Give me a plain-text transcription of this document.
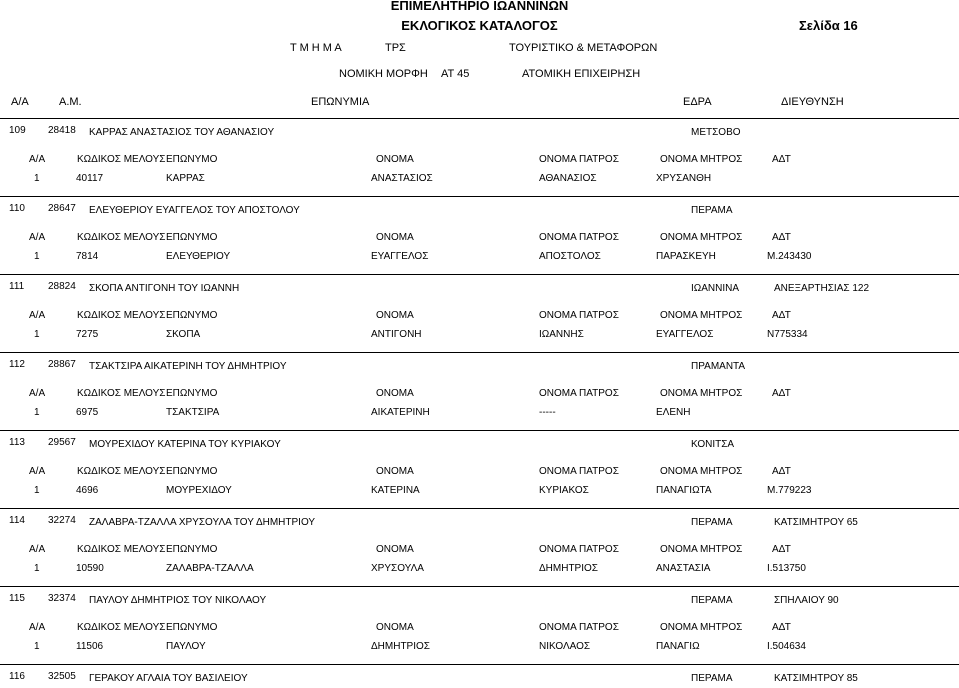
ΕΠΙΜΕΛΗΤΗΡΙΟ ΙΩΑΝΝΙΝΩΝ
ΕΚΛΟΓΙΚΟΣ ΚΑΤΑΛΟΓΟΣ	Σελίδα 16
Τ Μ Η Μ Α	ΤΡΣ	ΤΟΥΡΙΣΤΙΚΟ & ΜΕΤΑΦΟΡΩΝ
ΝΟΜΙΚΗ ΜΟΡΦΗ ΑΤ 45	ΑΤΟΜΙΚΗ ΕΠΙΧΕΙΡΗΣΗ
Α/Α	Α.Μ.	ΕΠΩΝΥΜΙΑ	ΕΔΡΑ	ΔΙΕΥΘΥΝΣΗ
109 28418 ΚΑΡΡΑΣ ΑΝΑΣΤΑΣΙΟΣ ΤΟΥ ΑΘΑΝΑΣΙΟΥ	ΜΕΤΣΟΒΟ
Α/Α	ΚΩΔΙΚΟΣ ΜΕΛΟΥΣ ΕΠΩΝΥΜΟ	ΟΝΟΜΑ	ΟΝΟΜΑ ΠΑΤΡΟΣ	ΟΝΟΜΑ ΜΗΤΡΟΣ	ΑΔΤ
1	40117	ΚΑΡΡΑΣ	ΑΝΑΣΤΑΣΙΟΣ	ΑΘΑΝΑΣΙΟΣ	ΧΡΥΣΑΝΘΗ
110 28647 ΕΛΕΥΘΕΡΙΟΥ ΕΥΑΓΓΕΛΟΣ ΤΟΥ ΑΠΟΣΤΟΛΟΥ	ΠΕΡΑΜΑ
Α/Α	ΚΩΔΙΚΟΣ ΜΕΛΟΥΣ ΕΠΩΝΥΜΟ	ΟΝΟΜΑ	ΟΝΟΜΑ ΠΑΤΡΟΣ	ΟΝΟΜΑ ΜΗΤΡΟΣ	ΑΔΤ
1	7814	ΕΛΕΥΘΕΡΙΟΥ	ΕΥΑΓΓΕΛΟΣ	ΑΠΟΣΤΟΛΟΣ	ΠΑΡΑΣΚΕΥΗ	Μ.243430
111 28824 ΣΚΟΠΑ ΑΝΤΙΓΟΝΗ ΤΟΥ ΙΩΑΝΝΗ	ΙΩΑΝΝΙΝΑ	ΑΝΕΞΑΡΤΗΣΙΑΣ 122
Α/Α	ΚΩΔΙΚΟΣ ΜΕΛΟΥΣ ΕΠΩΝΥΜΟ	ΟΝΟΜΑ	ΟΝΟΜΑ ΠΑΤΡΟΣ	ΟΝΟΜΑ ΜΗΤΡΟΣ	ΑΔΤ
1	7275	ΣΚΟΠΑ	ΑΝΤΙΓΟΝΗ	ΙΩΑΝΝΗΣ	ΕΥΑΓΓΕΛΟΣ	Ν775334
112 28867 ΤΣΑΚΤΣΙΡΑ ΑΙΚΑΤΕΡΙΝΗ ΤΟΥ ΔΗΜΗΤΡΙΟΥ	ΠΡΑΜΑΝΤΑ
Α/Α	ΚΩΔΙΚΟΣ ΜΕΛΟΥΣ ΕΠΩΝΥΜΟ	ΟΝΟΜΑ	ΟΝΟΜΑ ΠΑΤΡΟΣ	ΟΝΟΜΑ ΜΗΤΡΟΣ	ΑΔΤ
1	6975	ΤΣΑΚΤΣΙΡΑ	ΑΙΚΑΤΕΡΙΝΗ	-----	ΕΛΕΝΗ
113 29567 ΜΟΥΡΕΧΙΔΟΥ ΚΑΤΕΡΙΝΑ ΤΟΥ ΚΥΡΙΑΚΟΥ	ΚΟΝΙΤΣΑ
Α/Α	ΚΩΔΙΚΟΣ ΜΕΛΟΥΣ ΕΠΩΝΥΜΟ	ΟΝΟΜΑ	ΟΝΟΜΑ ΠΑΤΡΟΣ	ΟΝΟΜΑ ΜΗΤΡΟΣ	ΑΔΤ
1	4696	ΜΟΥΡΕΧΙΔΟΥ	ΚΑΤΕΡΙΝΑ	ΚΥΡΙΑΚΟΣ	ΠΑΝΑΓΙΩΤΑ	Μ.779223
114 32274 ΖΑΛΑΒΡΑ-ΤΖΑΛΛΑ ΧΡΥΣΟΥΛΑ ΤΟΥ ΔΗΜΗΤΡΙΟΥ	ΠΕΡΑΜΑ	ΚΑΤΣΙΜΗΤΡΟΥ 65
Α/Α	ΚΩΔΙΚΟΣ ΜΕΛΟΥΣ ΕΠΩΝΥΜΟ	ΟΝΟΜΑ	ΟΝΟΜΑ ΠΑΤΡΟΣ	ΟΝΟΜΑ ΜΗΤΡΟΣ	ΑΔΤ
1	10590	ΖΑΛΑΒΡΑ-ΤΖΑΛΛΑ	ΧΡΥΣΟΥΛΑ	ΔΗΜΗΤΡΙΟΣ	ΑΝΑΣΤΑΣΙΑ	Ι.513750
115 32374 ΠΑΥΛΟΥ ΔΗΜΗΤΡΙΟΣ ΤΟΥ ΝΙΚΟΛΑΟΥ	ΠΕΡΑΜΑ	ΣΠΗΛΑΙΟΥ 90
Α/Α	ΚΩΔΙΚΟΣ ΜΕΛΟΥΣ ΕΠΩΝΥΜΟ	ΟΝΟΜΑ	ΟΝΟΜΑ ΠΑΤΡΟΣ	ΟΝΟΜΑ ΜΗΤΡΟΣ	ΑΔΤ
1	11506	ΠΑΥΛΟΥ	ΔΗΜΗΤΡΙΟΣ	ΝΙΚΟΛΑΟΣ	ΠΑΝΑΓΙΩ	Ι.504634
116 32505 ΓΕΡΑΚΟΥ ΑΓΛΑΙΑ ΤΟΥ ΒΑΣΙΛΕΙΟΥ	ΠΕΡΑΜΑ	ΚΑΤΣΙΜΗΤΡΟΥ 85
